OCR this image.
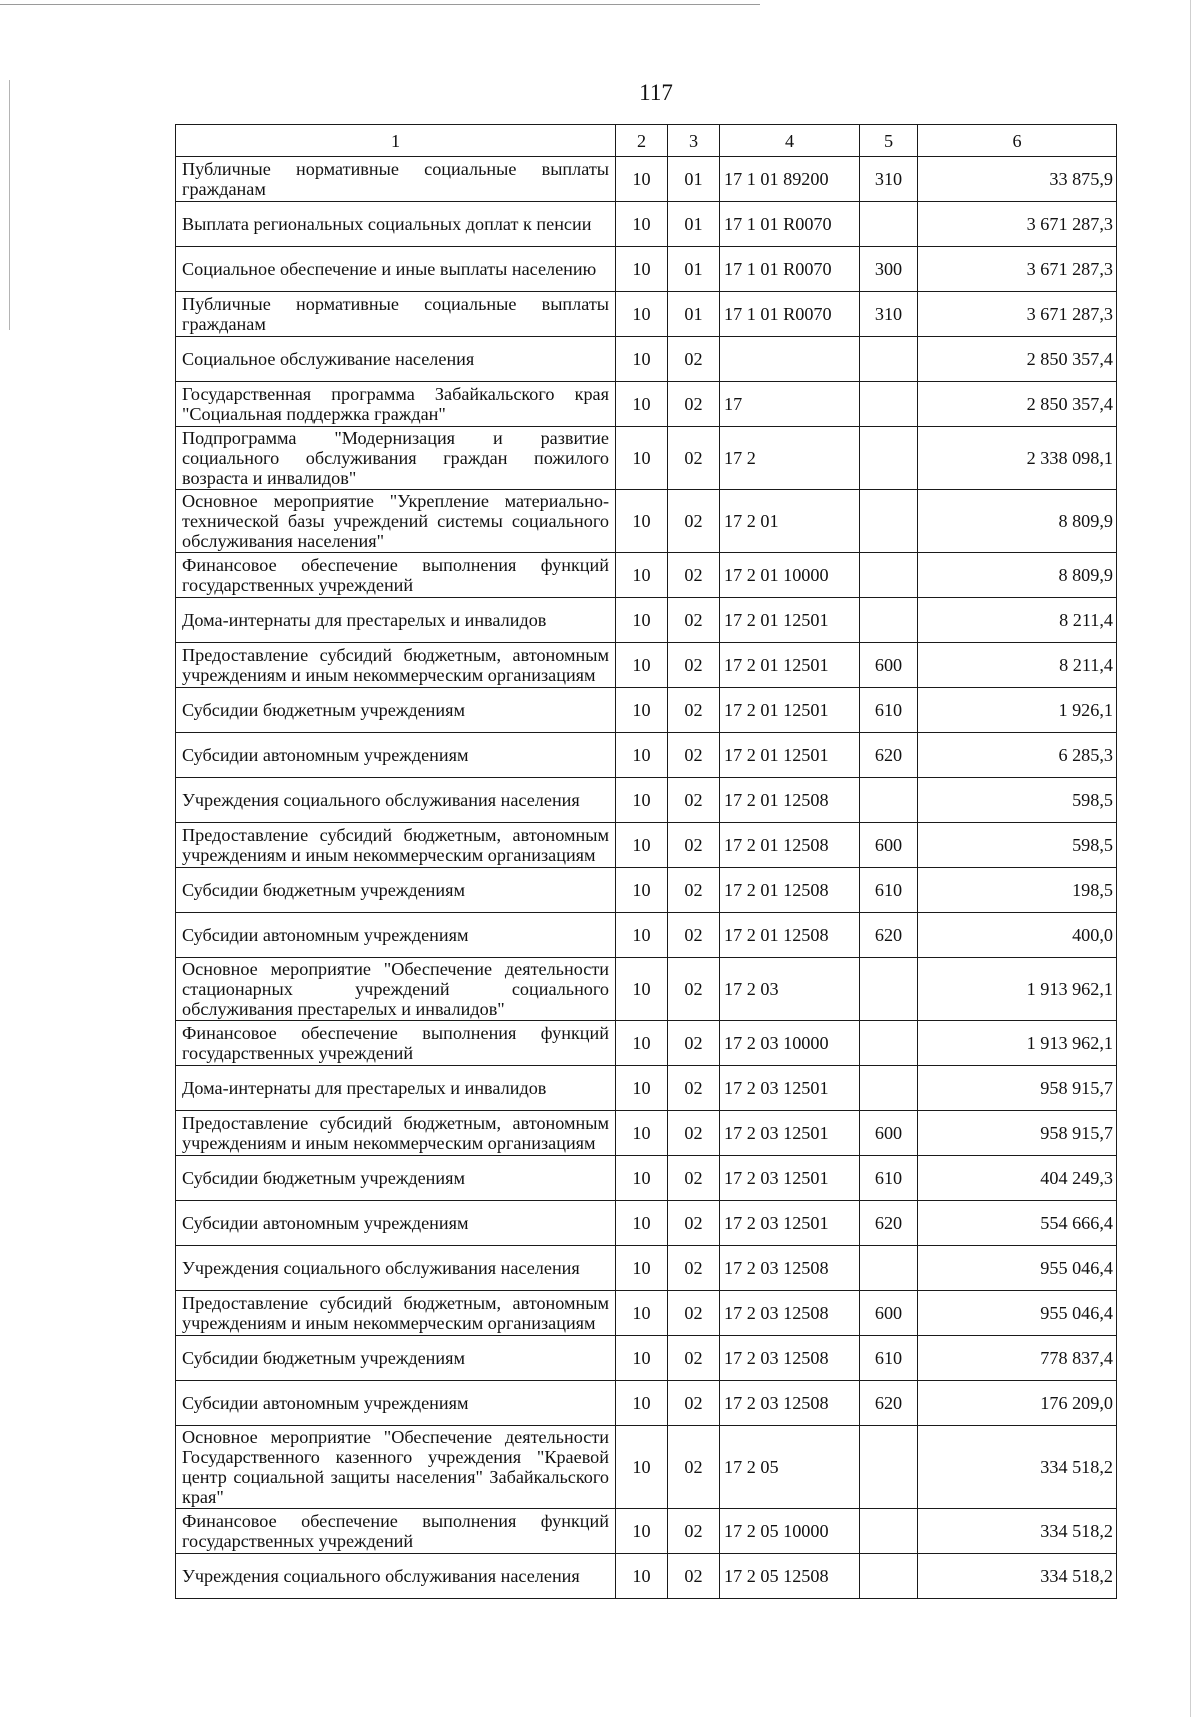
117
1	2	3	4	5	6
Публичные нормативные социальные выплаты гражданам	10	01	17 1 01 89200	310	33 875,9
Выплата региональных социальных доплат к пенсии	10	01	17 1 01 R0070		3 671 287,3
Социальное обеспечение и иные выплаты населению	10	01	17 1 01 R0070	300	3 671 287,3
Публичные нормативные социальные выплаты гражданам	10	01	17 1 01 R0070	310	3 671 287,3
Социальное обслуживание населения	10	02			2 850 357,4
Государственная программа Забайкальского края "Социальная поддержка граждан"	10	02	17		2 850 357,4
Подпрограмма "Модернизация и развитие социального обслуживания граждан пожилого возраста и инвалидов"	10	02	17 2		2 338 098,1
Основное мероприятие "Укрепление материально-технической базы учреждений системы социального обслуживания населения"	10	02	17 2 01		8 809,9
Финансовое обеспечение выполнения функций государственных учреждений	10	02	17 2 01 10000		8 809,9
Дома-интернаты для престарелых и инвалидов	10	02	17 2 01 12501		8 211,4
Предоставление субсидий бюджетным, автономным учреждениям и иным некоммерческим организациям	10	02	17 2 01 12501	600	8 211,4
Субсидии бюджетным учреждениям	10	02	17 2 01 12501	610	1 926,1
Субсидии автономным учреждениям	10	02	17 2 01 12501	620	6 285,3
Учреждения социального обслуживания населения	10	02	17 2 01 12508		598,5
Предоставление субсидий бюджетным, автономным учреждениям и иным некоммерческим организациям	10	02	17 2 01 12508	600	598,5
Субсидии бюджетным учреждениям	10	02	17 2 01 12508	610	198,5
Субсидии автономным учреждениям	10	02	17 2 01 12508	620	400,0
Основное мероприятие "Обеспечение деятельности стационарных учреждений социального обслуживания престарелых и инвалидов"	10	02	17 2 03		1 913 962,1
Финансовое обеспечение выполнения функций государственных учреждений	10	02	17 2 03 10000		1 913 962,1
Дома-интернаты для престарелых и инвалидов	10	02	17 2 03 12501		958 915,7
Предоставление субсидий бюджетным, автономным учреждениям и иным некоммерческим организациям	10	02	17 2 03 12501	600	958 915,7
Субсидии бюджетным учреждениям	10	02	17 2 03 12501	610	404 249,3
Субсидии автономным учреждениям	10	02	17 2 03 12501	620	554 666,4
Учреждения социального обслуживания населения	10	02	17 2 03 12508		955 046,4
Предоставление субсидий бюджетным, автономным учреждениям и иным некоммерческим организациям	10	02	17 2 03 12508	600	955 046,4
Субсидии бюджетным учреждениям	10	02	17 2 03 12508	610	778 837,4
Субсидии автономным учреждениям	10	02	17 2 03 12508	620	176 209,0
Основное мероприятие "Обеспечение деятельности Государственного казенного учреждения "Краевой центр социальной защиты населения" Забайкальского края"	10	02	17 2 05		334 518,2
Финансовое обеспечение выполнения функций государственных учреждений	10	02	17 2 05 10000		334 518,2
Учреждения социального обслуживания населения	10	02	17 2 05 12508		334 518,2
